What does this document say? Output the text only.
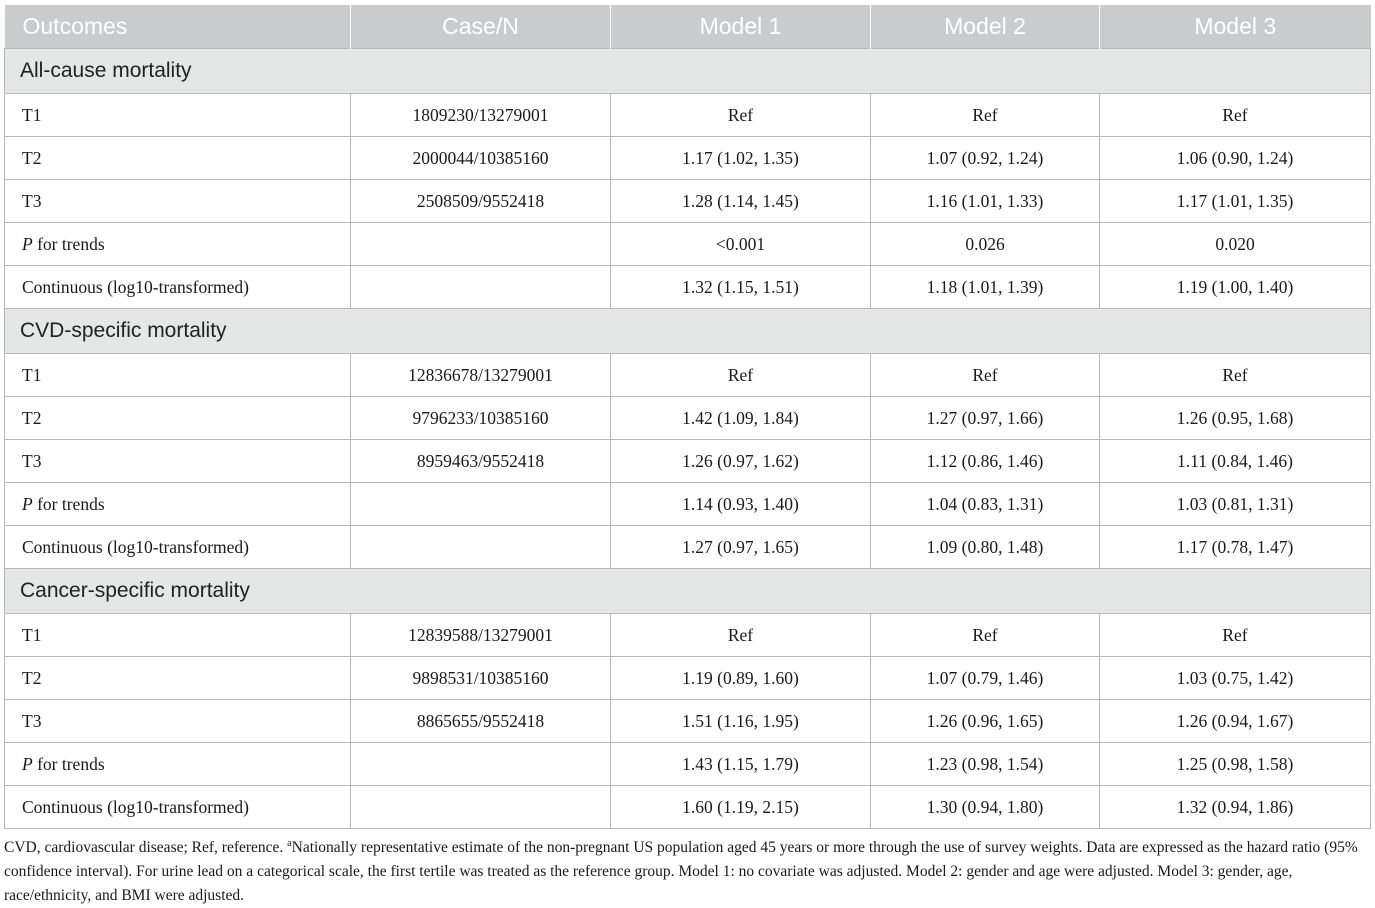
Outcomes	Case/N	Model 1	Model 2	Model 3
All-cause mortality				
T1	1809230/13279001	Ref	Ref	Ref
T2	2000044/10385160	1.17 (1.02, 1.35)	1.07 (0.92, 1.24)	1.06 (0.90, 1.24)
T3	2508509/9552418	1.28 (1.14, 1.45)	1.16 (1.01, 1.33)	1.17 (1.01, 1.35)
P for trends		<0.001	0.026	0.020
Continuous (log10-transformed)		1.32 (1.15, 1.51)	1.18 (1.01, 1.39)	1.19 (1.00, 1.40)
CVD-specific mortality				
T1	12836678/13279001	Ref	Ref	Ref
T2	9796233/10385160	1.42 (1.09, 1.84)	1.27 (0.97, 1.66)	1.26 (0.95, 1.68)
T3	8959463/9552418	1.26 (0.97, 1.62)	1.12 (0.86, 1.46)	1.11 (0.84, 1.46)
P for trends		1.14 (0.93, 1.40)	1.04 (0.83, 1.31)	1.03 (0.81, 1.31)
Continuous (log10-transformed)		1.27 (0.97, 1.65)	1.09 (0.80, 1.48)	1.17 (0.78, 1.47)
Cancer-specific mortality				
T1	12839588/13279001	Ref	Ref	Ref
T2	9898531/10385160	1.19 (0.89, 1.60)	1.07 (0.79, 1.46)	1.03 (0.75, 1.42)
T3	8865655/9552418	1.51 (1.16, 1.95)	1.26 (0.96, 1.65)	1.26 (0.94, 1.67)
P for trends		1.43 (1.15, 1.79)	1.23 (0.98, 1.54)	1.25 (0.98, 1.58)
Continuous (log10-transformed)		1.60 (1.19, 2.15)	1.30 (0.94, 1.80)	1.32 (0.94, 1.86)
CVD, cardiovascular disease; Ref, reference. $^a$Nationally representative estimate of the non-pregnant US population aged 45 years or more through the use of survey weights. Data are expressed as the hazard ratio (95% confidence interval). For urine lead on a categorical scale, the first tertile was treated as the reference group. Model 1: no covariate was adjusted. Model 2: gender and age were adjusted. Model 3: gender, age, race/ethnicity, and BMI were adjusted.
